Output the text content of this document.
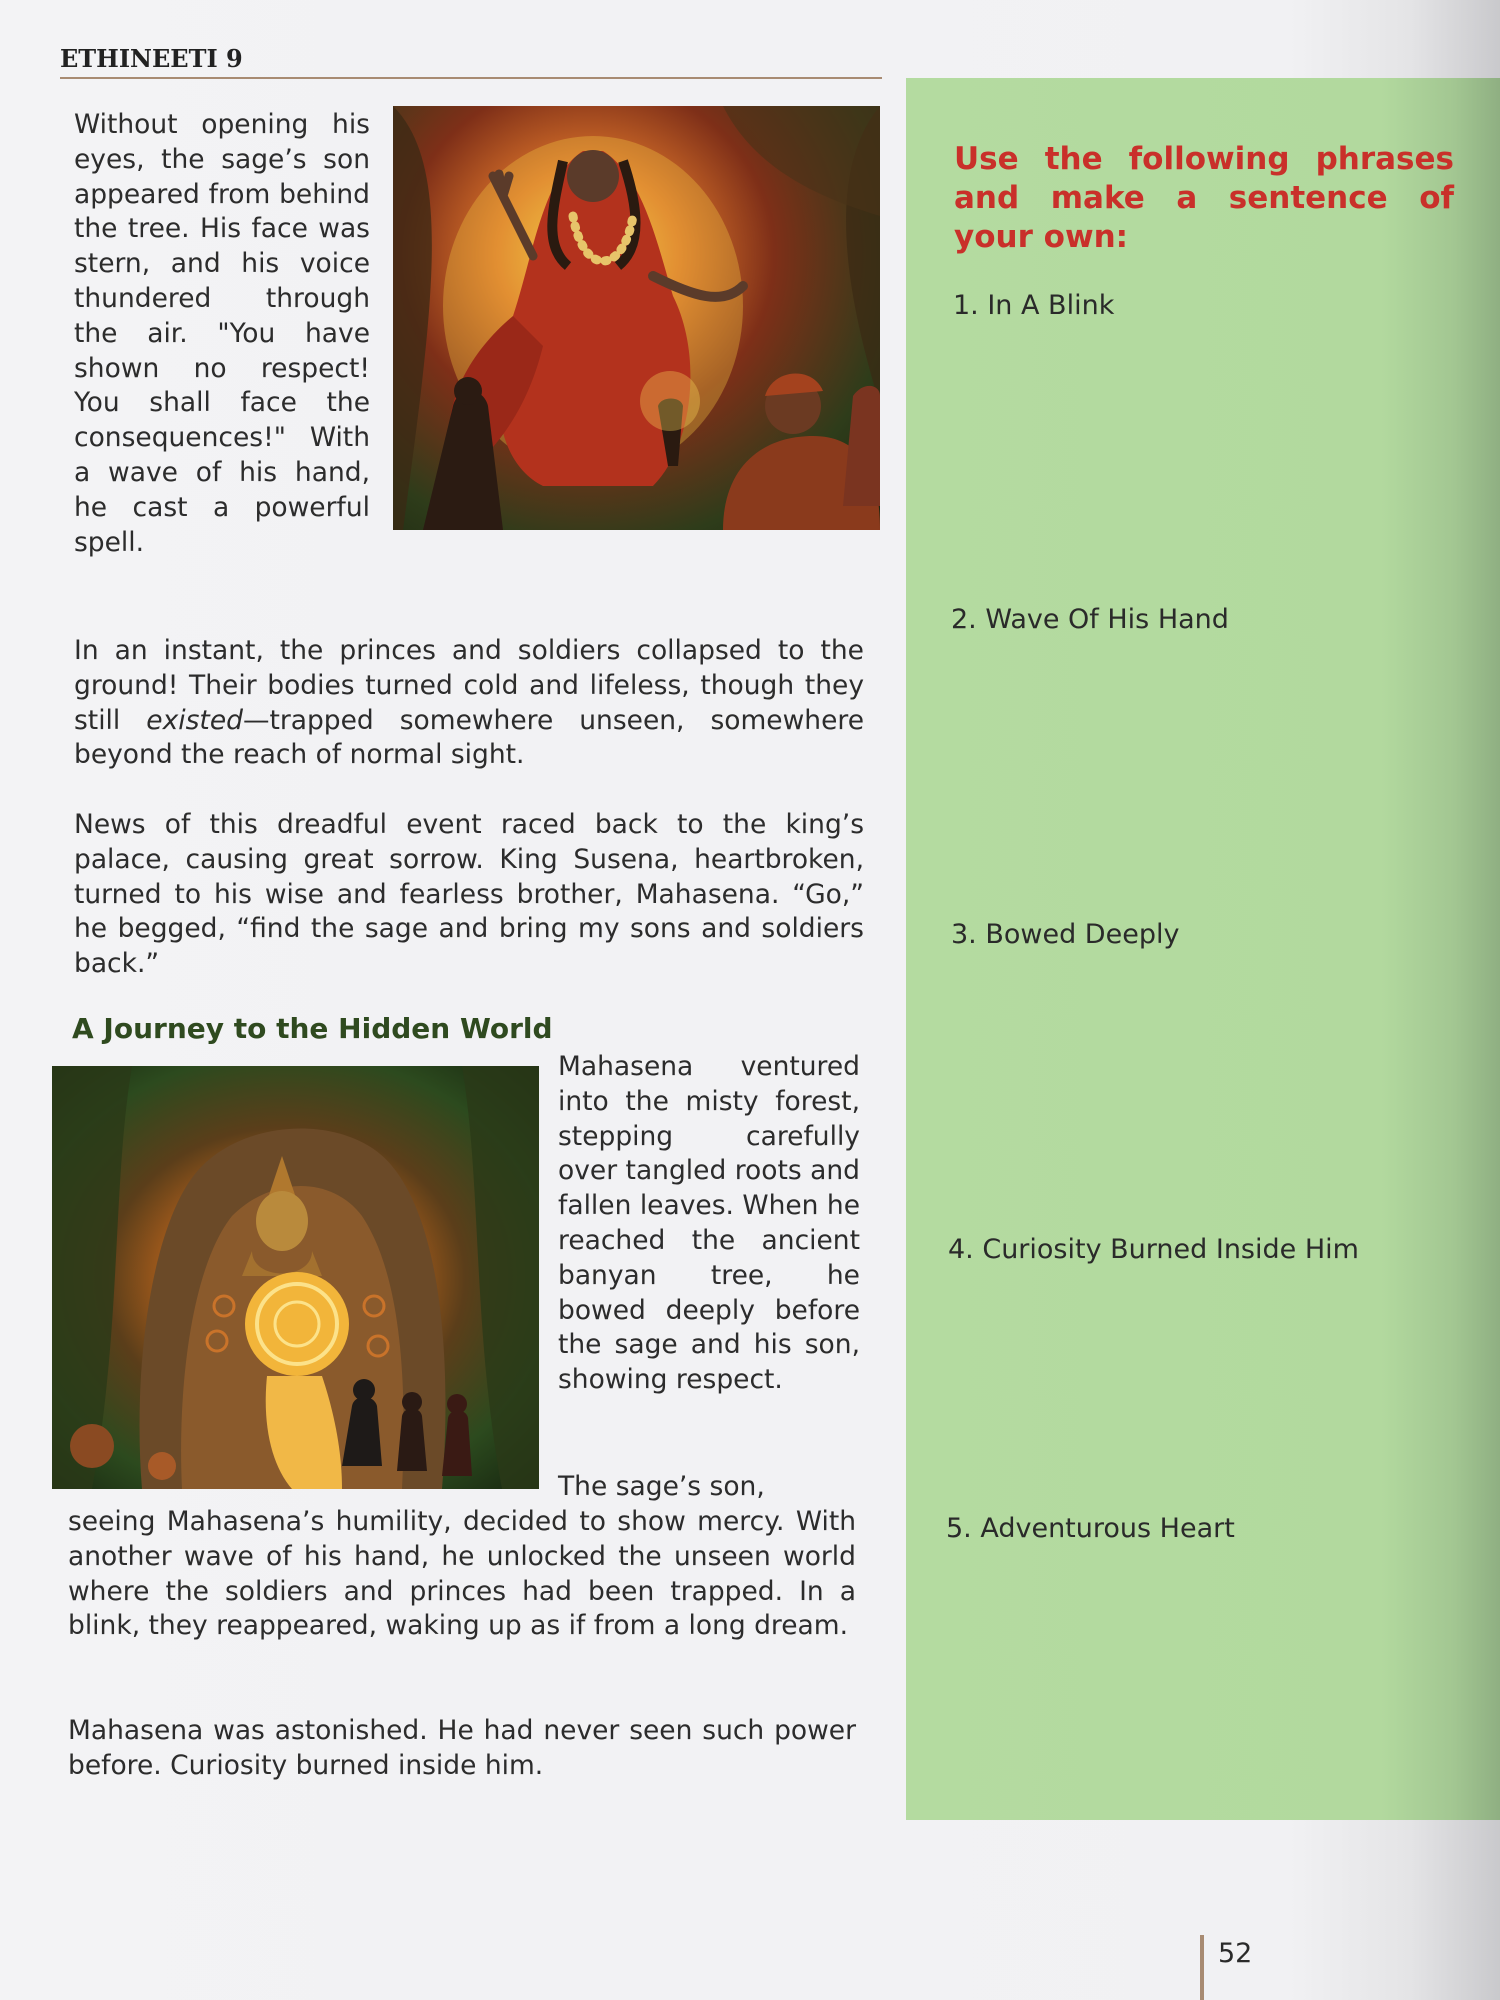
ETHINEETI 9

Without opening his eyes, the sage’s son appeared from behind the tree. His face was stern, and his voice thundered through the air. "You have shown no respect! You shall face the consequences!" With a wave of his hand, he cast a powerful spell.

In an instant, the princes and soldiers collapsed to the ground! Their bodies turned cold and lifeless, though they still existed—trapped somewhere unseen, somewhere beyond the reach of normal sight.

News of this dreadful event raced back to the king’s palace, causing great sorrow. King Susena, heartbroken, turned to his wise and fearless brother, Mahasena. “Go,” he begged, “find the sage and bring my sons and soldiers back.”

A Journey to the Hidden World

Mahasena ventured into the misty forest, stepping carefully over tangled roots and fallen leaves. When he reached the ancient banyan tree, he bowed deeply before the sage and his son, showing respect.

The sage’s son,

seeing Mahasena’s humility, decided to show mercy. With another wave of his hand, he unlocked the unseen world where the soldiers and princes had been trapped. In a blink, they reappeared, waking up as if from a long dream.

Mahasena was astonished. He had never seen such power before. Curiosity burned inside him.

Use the following phrases and make a sentence of your own:

1. In A Blink

2. Wave Of His Hand

3. Bowed Deeply

4. Curiosity Burned Inside Him

5. Adventurous Heart

52
